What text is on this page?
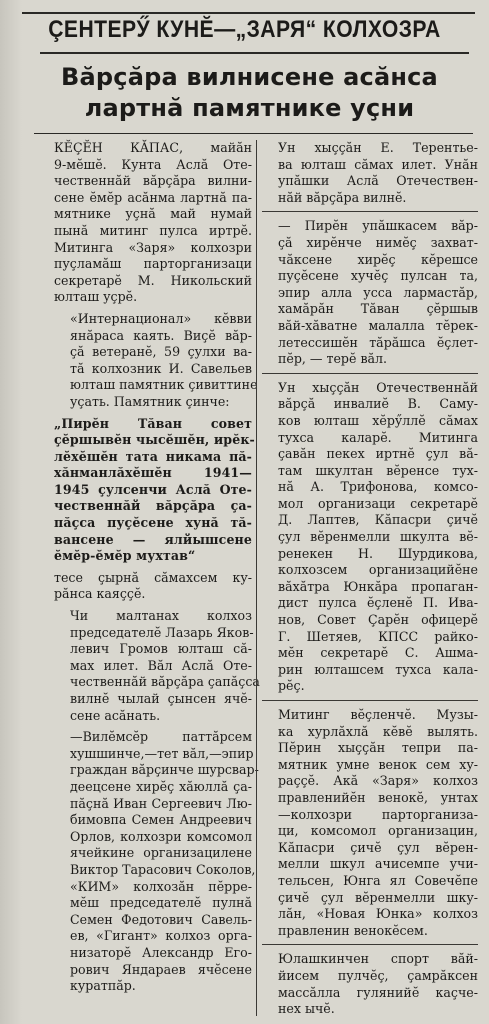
ÇЕНТЕРӲ КУНӖ—„ЗАРЯ“ КОЛХОЗРА
Вăрçăра вилнисене асăнса
лартнă памятнике уçни

КӖÇӖН КĂПАС, майăн
9-мӗшӗ. Кунта Аслă Оте-
чественнăй вăрçăра вилни-
сене ӗмӗр асăнма лартнă па-
мятнике уçнă май нумай
пынă митинг пулса иртрӗ.
Митинга «Заря» колхозри
пуçламăш парторганизаци
секретарӗ М. Никольский
юлташ уçрӗ.

«Интернационал» кӗвви
янăраса каять. Виçӗ вăр-
çă ветеранӗ, 59 çулхи ва-
тă колхозник И. Савельев
юлташ памятник çивиттине
уçать. Памятник çинче:

„Пирӗн Тăван совет
çӗршывӗн чысӗшӗн, ирӗк-
лӗхӗшӗн тата никама пă-
хăнманлăхӗшӗн 1941—
1945 çулсенчи Аслă Оте-
чественнăй вăрçăра çа-
пăçса пуçӗсене хунă тă-
вансене — ялйышсене
ӗмӗр-ӗмӗр мухтав“

тесе çырнă сăмахсем ку-
рăнса каяççӗ.

Чи малтанах колхоз
председателӗ Лазарь Яков-
левич Громов юлташ сă-
мах илет. Вăл Аслă Оте-
чественнăй вăрçăра çапăçса
вилнӗ чылай çынсен ячӗ-
сене асăнать.

—Вилӗмсӗр паттăрсем
хушшинче,—тет вăл,—эпир
граждан вăрçинче шурсвар-
деецсене хирӗç хăюллă çа-
пăçнă Иван Сергеевич Лю-
бимовпа Семен Андреевич
Орлов, колхозри комсомол
ячейкине организацилене
Виктор Тарасович Соколов,
«КИМ» колхозăн пӗрре-
мӗш председателӗ пулнă
Семен Федотович Савель-
ев, «Гигант» колхоз орга-
низаторӗ Александр Его-
рович Яндараев ячӗсене
куратпăр.

Ун хыççăн Е. Терентье-
ва юлташ сăмах илет. Унăн
упăшки Аслă Отечествен-
нăй вăрçăра вилнӗ.

— Пирӗн упăшкасем вăр-
çă хирӗнче нимӗç захват-
чăксене хирӗç кӗрешсе
пуçӗсене хучӗç пулсан та,
эпир алла усса лармастăр,
хамăрăн Тăван çӗршыв
вăй-хăватне малалла тӗрек-
летессишӗн тăрăшса ӗçлет-
пӗр, — терӗ вăл.

Ун хыççăн Отечественнăй
вăрçă инвалиӗ В. Саму-
ков юлташ хӗрӳллӗ сăмах
тухса каларӗ. Митинга
çавăн пекех иртнӗ çул вă-
там шкултан вӗренсе тух-
нă А. Трифонова, комсо-
мол организаци секретарӗ
Д. Лаптев, Кăпасри çичӗ
çул вӗренмелли шкулта вӗ-
ренекен Н. Шурдикова,
колхозсем организацийӗне
вăхăтра Юнкăра пропаган-
дист пулса ӗçленӗ П. Ива-
нов, Совет Çарӗн офицерӗ
Г. Шетяев, КПСС райко-
мӗн секретарӗ С. Ашма-
рин юлташсем тухса кала-
рӗç.

Митинг вӗçленчӗ. Музы-
ка хурлăхлă кӗвӗ вылять.
Пӗрин хыççăн тепри па-
мятник умне венок сем ху-
раççӗ. Акă «Заря» колхоз
правленийӗн венокӗ, унтах
—колхозри парторганиза-
ци, комсомол организацин,
Кăпасри çичӗ çул вӗрен-
мелли шкул ачисемпе учи-
тельсен, Юнга ял Совечӗпе
çичӗ çул вӗренмелли шку-
лăн, «Новая Юнка» колхоз
правленин венокӗсем.

Юлашкинчен спорт вăй-
йисем пулчӗç, çамрăксен
массăлла гулянийӗ каçче-
нех ычӗ.
